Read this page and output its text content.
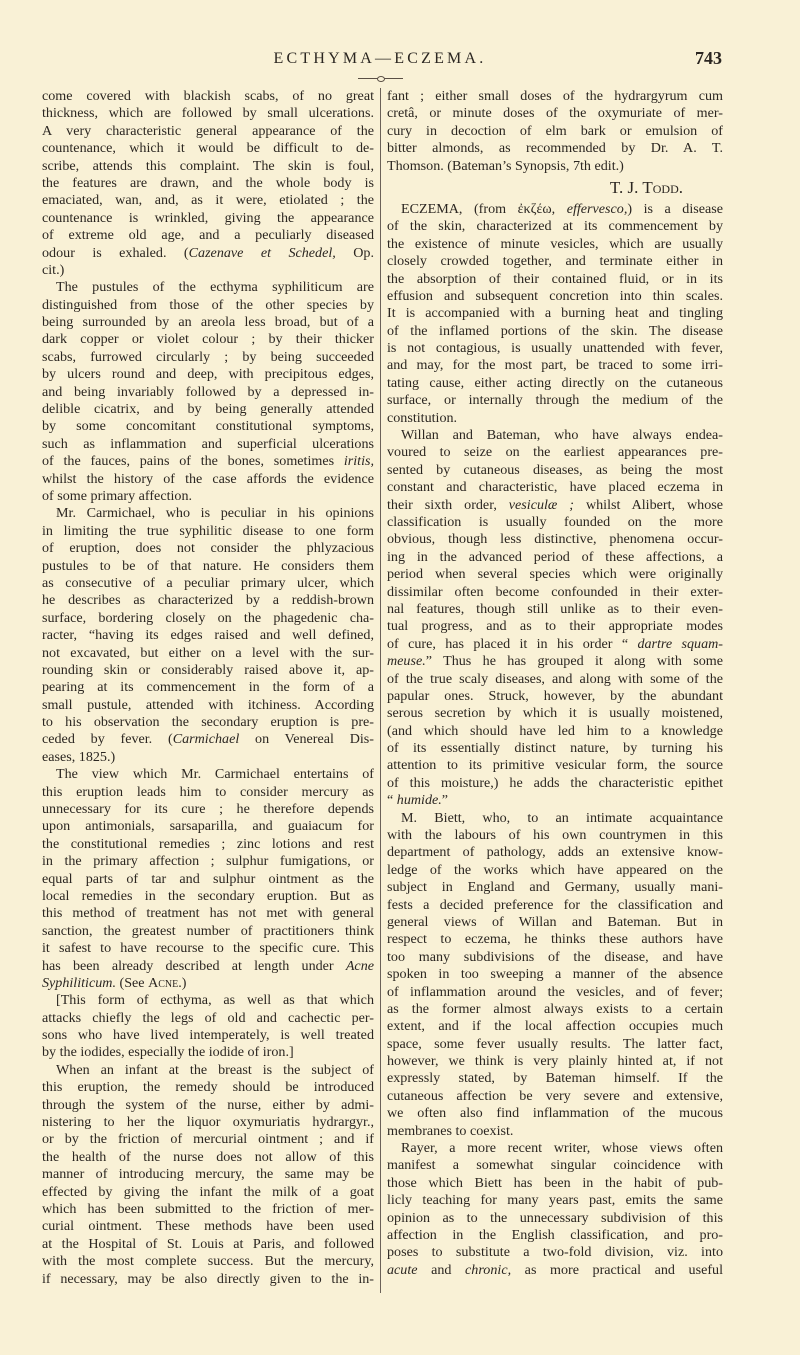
ECTHYMA—ECZEMA.	743
come covered with blackish scabs, of no great
thickness, which are followed by small ulcerations.
A very characteristic general appearance of the
countenance, which it would be difficult to de-
scribe, attends this complaint. The skin is foul,
the features are drawn, and the whole body is
emaciated, wan, and, as it were, etiolated ; the
countenance is wrinkled, giving the appearance
of extreme old age, and a peculiarly diseased
odour is exhaled. (Cazenave et Schedel, Op.
cit.)
The pustules of the ecthyma syphiliticum are
distinguished from those of the other species by
being surrounded by an areola less broad, but of a
dark copper or violet colour ; by their thicker
scabs, furrowed circularly ; by being succeeded
by ulcers round and deep, with precipitous edges,
and being invariably followed by a depressed in-
delible cicatrix, and by being generally attended
by some concomitant constitutional symptoms,
such as inflammation and superficial ulcerations
of the fauces, pains of the bones, sometimes iritis,
whilst the history of the case affords the evidence
of some primary affection.
Mr. Carmichael, who is peculiar in his opinions
in limiting the true syphilitic disease to one form
of eruption, does not consider the phlyzacious
pustules to be of that nature. He considers them
as consecutive of a peculiar primary ulcer, which
he describes as characterized by a reddish-brown
surface, bordering closely on the phagedenic cha-
racter, “having its edges raised and well defined,
not excavated, but either on a level with the sur-
rounding skin or considerably raised above it, ap-
pearing at its commencement in the form of a
small pustule, attended with itchiness. According
to his observation the secondary eruption is pre-
ceded by fever. (Carmichael on Venereal Dis-
eases, 1825.)
The view which Mr. Carmichael entertains of
this eruption leads him to consider mercury as
unnecessary for its cure ; he therefore depends
upon antimonials, sarsaparilla, and guaiacum for
the constitutional remedies ; zinc lotions and rest
in the primary affection ; sulphur fumigations, or
equal parts of tar and sulphur ointment as the
local remedies in the secondary eruption. But as
this method of treatment has not met with general
sanction, the greatest number of practitioners think
it safest to have recourse to the specific cure. This
has been already described at length under Acne
Syphiliticum. (See Acne.)
[This form of ecthyma, as well as that which
attacks chiefly the legs of old and cachectic per-
sons who have lived intemperately, is well treated
by the iodides, especially the iodide of iron.]
When an infant at the breast is the subject of
this eruption, the remedy should be introduced
through the system of the nurse, either by admi-
nistering to her the liquor oxymuriatis hydrargyr.,
or by the friction of mercurial ointment ; and if
the health of the nurse does not allow of this
manner of introducing mercury, the same may be
effected by giving the infant the milk of a goat
which has been submitted to the friction of mer-
curial ointment. These methods have been used
at the Hospital of St. Louis at Paris, and followed
with the most complete success. But the mercury,
if necessary, may be also directly given to the in-
fant ; either small doses of the hydrargyrum cum
cretâ, or minute doses of the oxymuriate of mer-
cury in decoction of elm bark or emulsion of
bitter almonds, as recommended by Dr. A. T.
Thomson. (Bateman’s Synopsis, 7th edit.)
T. J. Todd.
ECZEMA, (from ἐκζέω, effervesco,) is a disease
of the skin, characterized at its commencement by
the existence of minute vesicles, which are usually
closely crowded together, and terminate either in
the absorption of their contained fluid, or in its
effusion and subsequent concretion into thin scales.
It is accompanied with a burning heat and tingling
of the inflamed portions of the skin. The disease
is not contagious, is usually unattended with fever,
and may, for the most part, be traced to some irri-
tating cause, either acting directly on the cutaneous
surface, or internally through the medium of the
constitution.
Willan and Bateman, who have always endea-
voured to seize on the earliest appearances pre-
sented by cutaneous diseases, as being the most
constant and characteristic, have placed eczema in
their sixth order, vesiculæ ; whilst Alibert, whose
classification is usually founded on the more
obvious, though less distinctive, phenomena occur-
ing in the advanced period of these affections, a
period when several species which were originally
dissimilar often become confounded in their exter-
nal features, though still unlike as to their even-
tual progress, and as to their appropriate modes
of cure, has placed it in his order “ dartre squam-
meuse.” Thus he has grouped it along with some
of the true scaly diseases, and along with some of the
papular ones. Struck, however, by the abundant
serous secretion by which it is usually moistened,
(and which should have led him to a knowledge
of its essentially distinct nature, by turning his
attention to its primitive vesicular form, the source
of this moisture,) he adds the characteristic epithet
“ humide.”
M. Biett, who, to an intimate acquaintance
with the labours of his own countrymen in this
department of pathology, adds an extensive know-
ledge of the works which have appeared on the
subject in England and Germany, usually mani-
fests a decided preference for the classification and
general views of Willan and Bateman. But in
respect to eczema, he thinks these authors have
too many subdivisions of the disease, and have
spoken in too sweeping a manner of the absence
of inflammation around the vesicles, and of fever;
as the former almost always exists to a certain
extent, and if the local affection occupies much
space, some fever usually results. The latter fact,
however, we think is very plainly hinted at, if not
expressly stated, by Bateman himself. If the
cutaneous affection be very severe and extensive,
we often also find inflammation of the mucous
membranes to coexist.
Rayer, a more recent writer, whose views often
manifest a somewhat singular coincidence with
those which Biett has been in the habit of pub-
licly teaching for many years past, emits the same
opinion as to the unnecessary subdivision of this
affection in the English classification, and pro-
poses to substitute a two-fold division, viz. into
acute and chronic, as more practical and useful
